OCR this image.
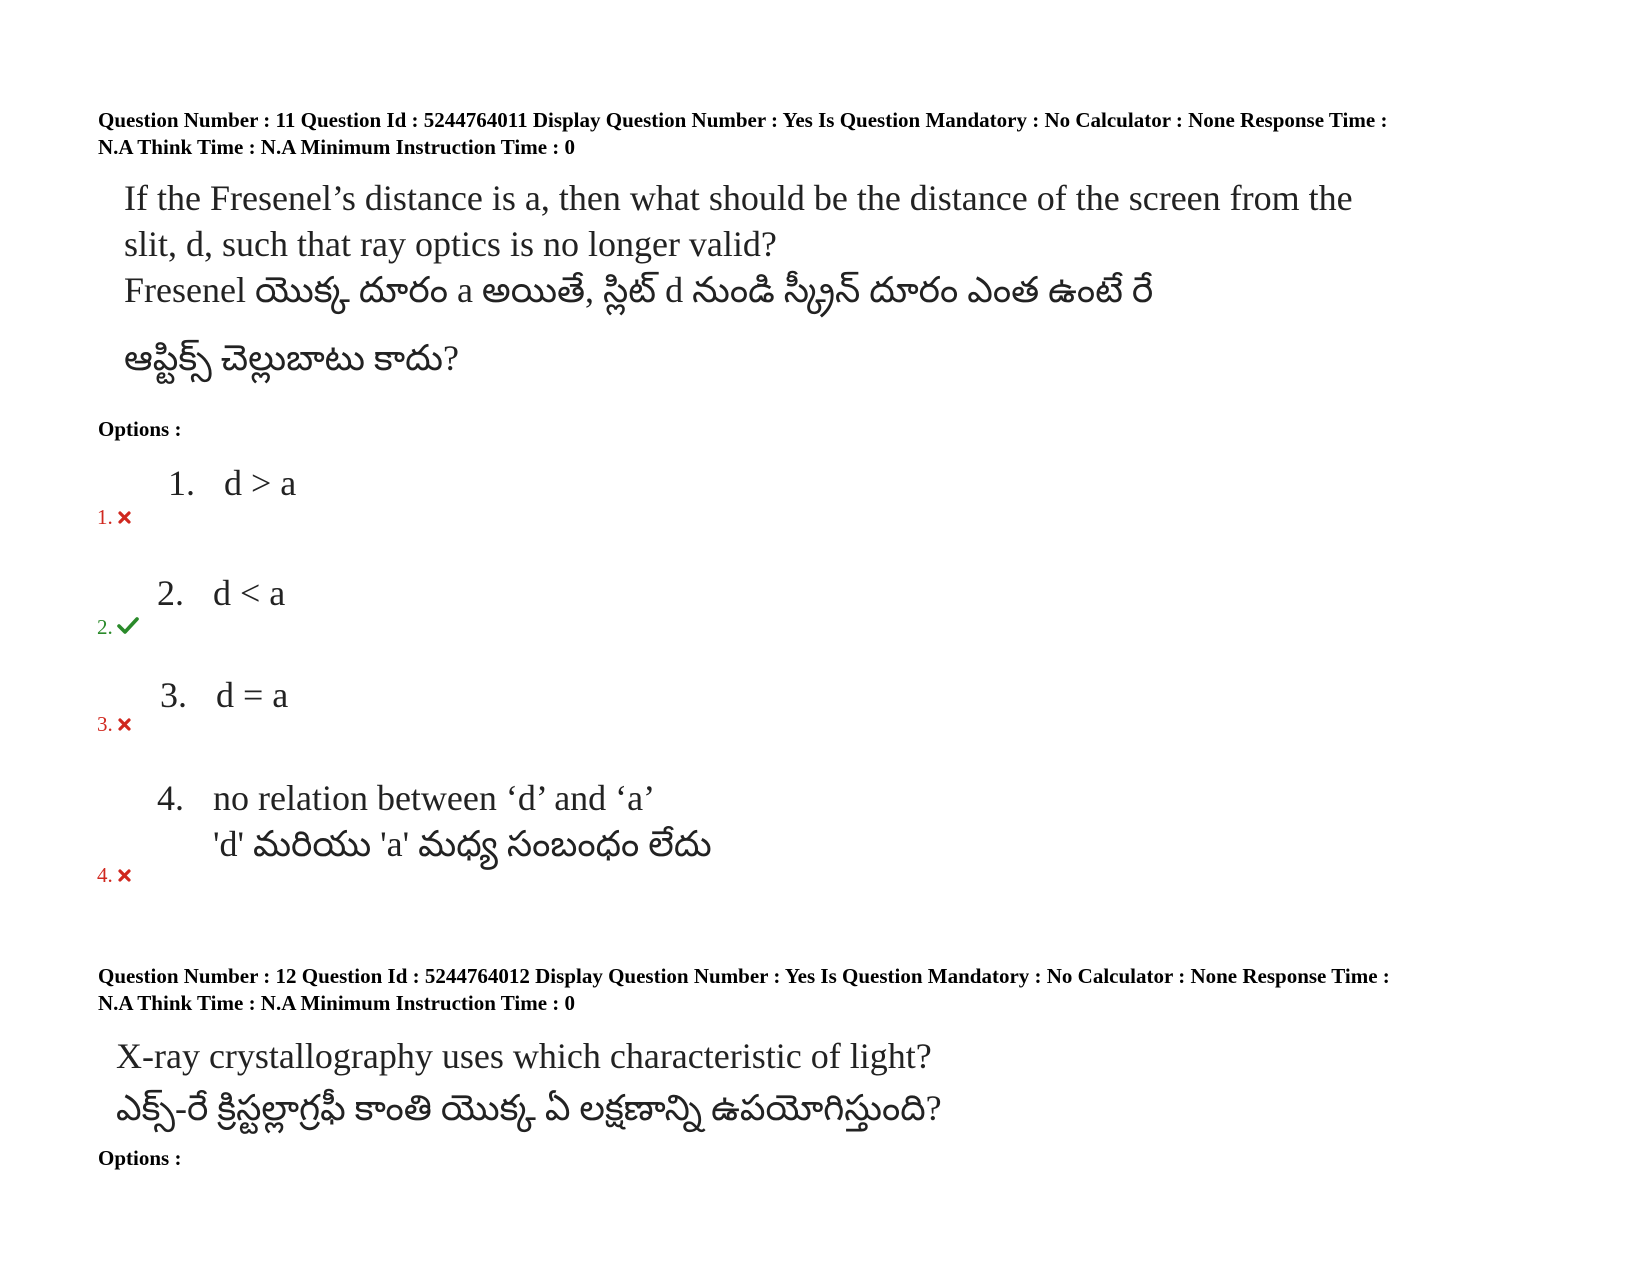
Question Number : 11 Question Id : 5244764011 Display Question Number : Yes Is Question Mandatory : No Calculator : None Response Time :
N.A Think Time : N.A Minimum Instruction Time : 0
If the Fresenel’s distance is a, then what should be the distance of the screen from the
slit, d, such that ray optics is no longer valid?
Fresenel యొక్క దూరం a అయితే, స్లిట్ d నుండి స్క్రీన్ దూరం ఎంత ఉంటే రే
ఆప్టిక్స్ చెల్లుబాటు కాదు?
Options :
1. d > a
1.
2. d < a
2.
3. d = a
3.
4. no relation between ‘d’ and ‘a’
'd' మరియు 'a' మధ్య సంబంధం లేదు
4.
Question Number : 12 Question Id : 5244764012 Display Question Number : Yes Is Question Mandatory : No Calculator : None Response Time :
N.A Think Time : N.A Minimum Instruction Time : 0
X-ray crystallography uses which characteristic of light?
ఎక్స్-రే క్రిస్టల్లాగ్రఫీ కాంతి యొక్క ఏ లక్షణాన్ని ఉపయోగిస్తుంది?
Options :
